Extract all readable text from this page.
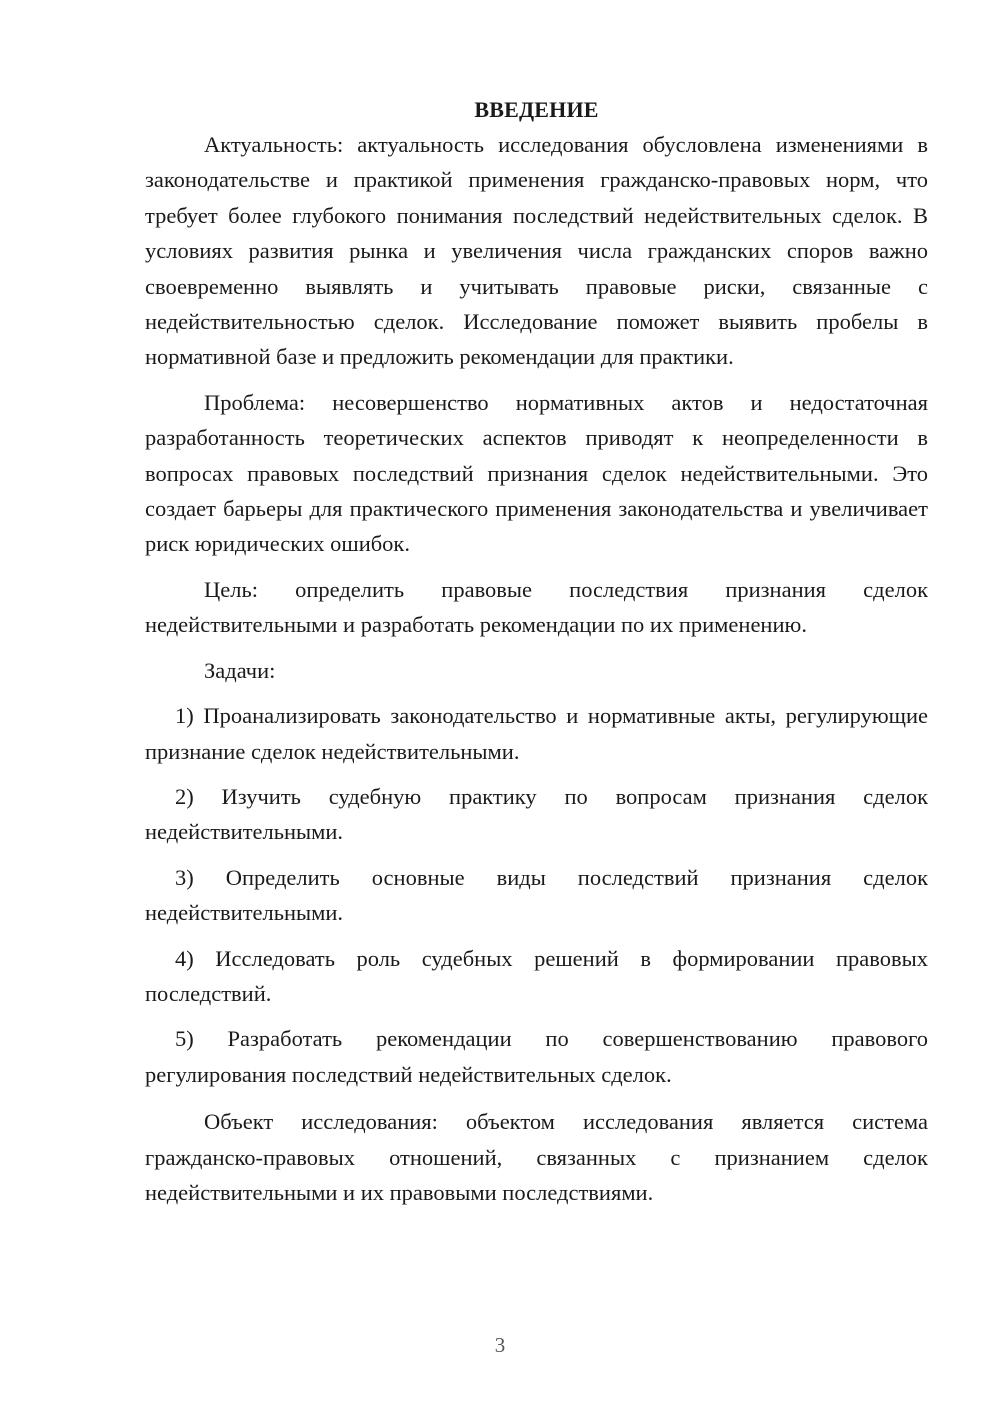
ВВЕДЕНИЕ

Актуальность: актуальность исследования обусловлена изменениями в законодательстве и практикой применения гражданско-правовых норм, что требует более глубокого понимания последствий недействительных сделок. В условиях развития рынка и увеличения числа гражданских споров важно своевременно выявлять и учитывать правовые риски, связанные с недействительностью сделок. Исследование поможет выявить пробелы в нормативной базе и предложить рекомендации для практики.

Проблема: несовершенство нормативных актов и недостаточная разработанность теоретических аспектов приводят к неопределенности в вопросах правовых последствий признания сделок недействительными. Это создает барьеры для практического применения законодательства и увеличивает риск юридических ошибок.

Цель: определить правовые последствия признания сделок недействительными и разработать рекомендации по их применению.

Задачи:

1) Проанализировать законодательство и нормативные акты, регулирующие признание сделок недействительными.

2) Изучить судебную практику по вопросам признания сделок недействительными.

3) Определить основные виды последствий признания сделок недействительными.

4) Исследовать роль судебных решений в формировании правовых последствий.

5) Разработать рекомендации по совершенствованию правового регулирования последствий недействительных сделок.

Объект исследования: объектом исследования является система гражданско-правовых отношений, связанных с признанием сделок недействительными и их правовыми последствиями.

3
